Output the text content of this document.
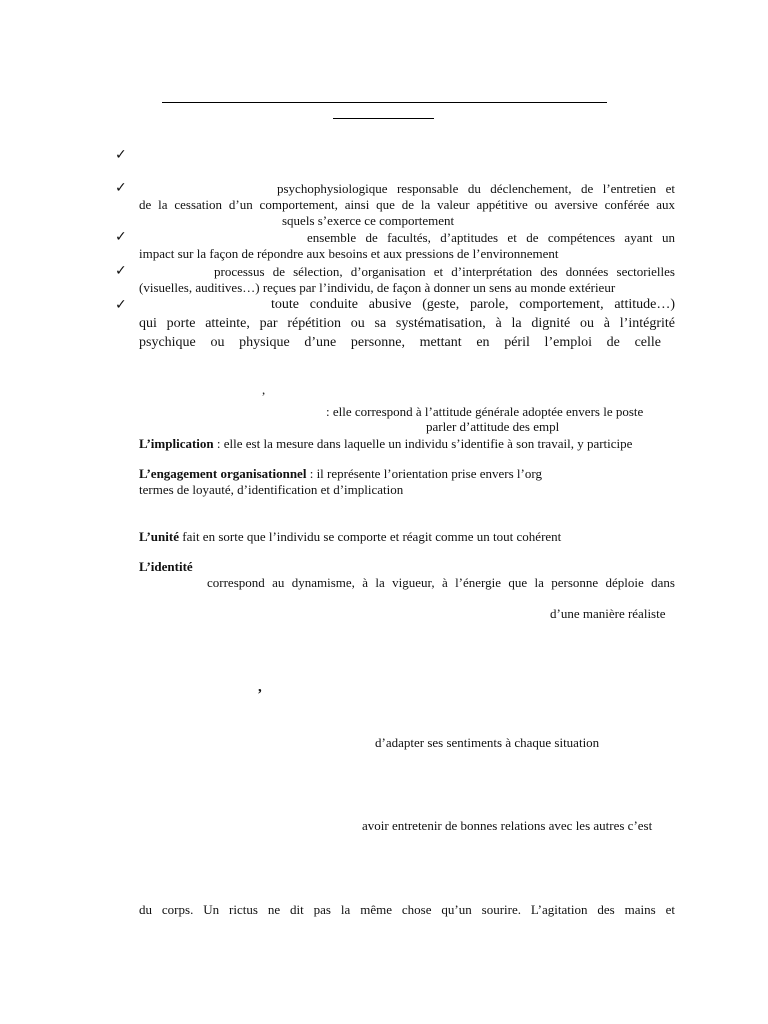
✓
✓	psychophysiologique responsable du déclenchement, de l’entretien et
de la cessation d’un comportement, ainsi que de la valeur appétitive ou aversive conférée aux
squels s’exerce ce comportement
✓	ensemble de facultés, d’aptitudes et de compétences ayant un
impact sur la façon de répondre aux besoins et aux pressions de l’environnement
✓	processus de sélection, d’organisation et d’interprétation des données sectorielles
(visuelles, auditives…) reçues par l’individu, de façon à donner un sens au monde extérieur
✓	toute conduite abusive (geste, parole, comportement, attitude…)
qui porte atteinte, par répétition ou sa systématisation, à la dignité ou à l’intégrité
psychique ou physique d’une personne, mettant en péril l’emploi de celle
,
: elle correspond à l’attitude générale adoptée envers le poste
parler d’attitude des empl
L’implication : elle est la mesure dans laquelle un individu s’identifie à son travail, y participe
L’engagement organisationnel : il représente l’orientation prise envers l’org
termes de loyauté, d’identification et d’implication
L’unité fait en sorte que l’individu se comporte et réagit comme un tout cohérent
L’identité
correspond au dynamisme, à la vigueur, à l’énergie que la personne déploie dans
d’une manière réaliste
,
d’adapter ses sentiments à chaque situation
avoir entretenir de bonnes relations avec les autres c’est
du corps. Un rictus ne dit pas la même chose qu’un sourire. L’agitation des mains et
